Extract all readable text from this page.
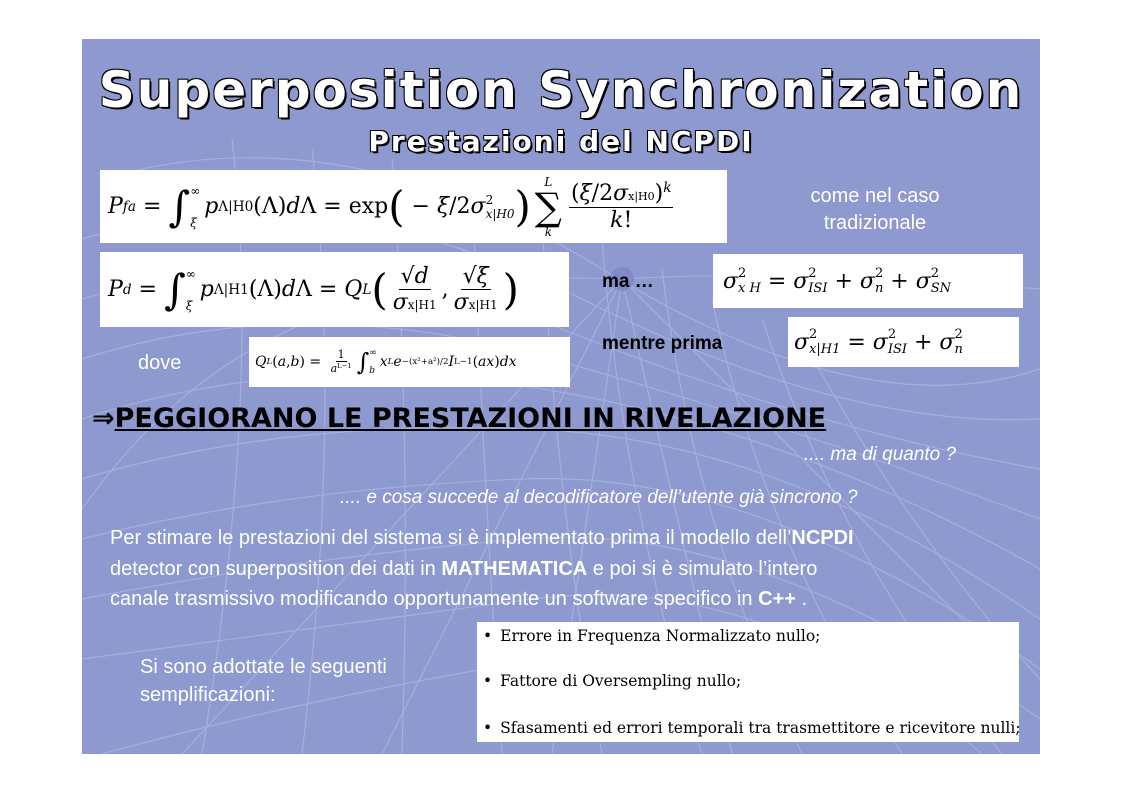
Superposition Synchronization
Prestazioni del NCPDI
P fa = ∫ ∞
ξ
p Λ|H0 (Λ) d Λ = exp ( − ξ /2 σ 2
x|H0 )
L
∑
k $\frac{(\xi/2\sigma x|H0)^k}{k!}$	come nel caso
tradizionale
P d = ∫ ∞
ξ
p Λ|H1 (Λ) d Λ = Q L ( $\frac{√d}{\sigma x|H1}$ , $\frac{√\xi}{\sigma x|H1}$ )	ma …	σ 2
x H = σ 2
ISI + σ 2
n + σ 2
SN
mentre prima	σ 2
x|H1 = σ 2
ISI + σ 2
n
dove	Q L ( a , b ) = $\frac{1}{a^{L-1}}$ ∫ ∞
b
x L e −(x²+a²)/2 I L−1 ( ax ) dx
⇒PEGGIORANO LE PRESTAZIONI IN RIVELAZIONE
.... ma di quanto ?
.... e cosa succede al decodificatore dell’utente già sincrono ?
Per stimare le prestazioni del sistema si è implementato prima il modello dell’NCPDI
detector con superposition dei dati in MATHEMATICA e poi si è simulato l’intero
canale trasmissivo modificando opportunamente un software specifico in C++ .
Si sono adottate le seguenti
semplificazioni:
• Errore in Frequenza Normalizzato nullo;
• Fattore di Oversempling nullo;
• Sfasamenti ed errori temporali tra trasmettitore e ricevitore nulli;
